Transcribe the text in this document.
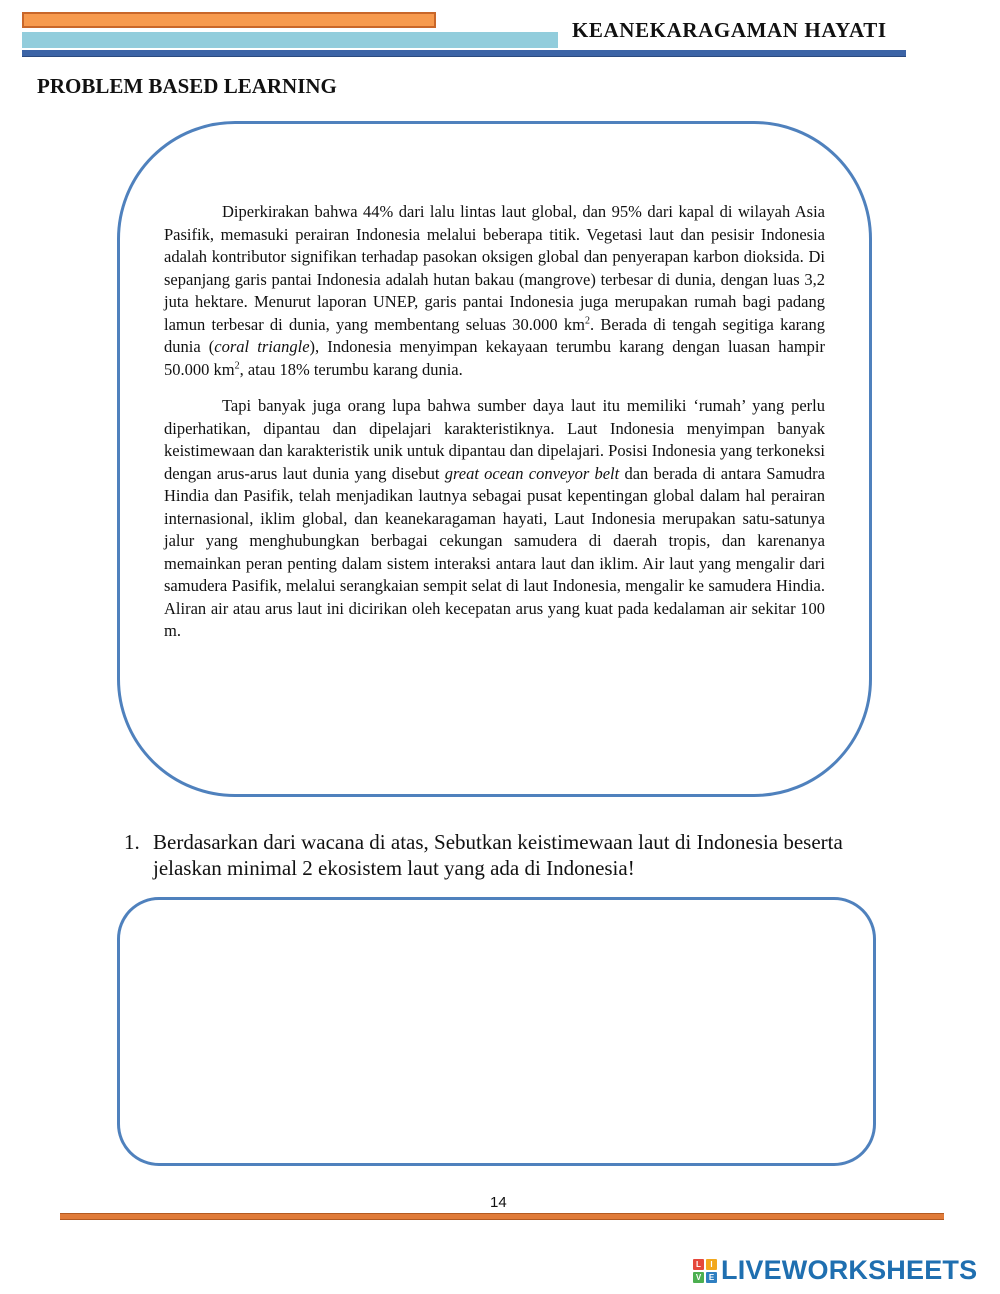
KEANEKARAGAMAN HAYATI
PROBLEM BASED LEARNING

Diperkirakan bahwa 44% dari lalu lintas laut global, dan 95% dari kapal di wilayah Asia Pasifik, memasuki perairan Indonesia melalui beberapa titik. Vegetasi laut dan pesisir Indonesia adalah kontributor signifikan terhadap pasokan oksigen global dan penyerapan karbon dioksida. Di sepanjang garis pantai Indonesia adalah hutan bakau (mangrove) terbesar di dunia, dengan luas 3,2 juta hektare. Menurut laporan UNEP, garis pantai Indonesia juga merupakan rumah bagi padang lamun terbesar di dunia, yang membentang seluas 30.000 $km^2$. Berada di tengah segitiga karang dunia (coral triangle), Indonesia menyimpan kekayaan terumbu karang dengan luasan hampir 50.000 $km^2$, atau 18% terumbu karang dunia.

Tapi banyak juga orang lupa bahwa sumber daya laut itu memiliki ‘rumah’ yang perlu diperhatikan, dipantau dan dipelajari karakteristiknya. Laut Indonesia menyimpan banyak keistimewaan dan karakteristik unik untuk dipantau dan dipelajari. Posisi Indonesia yang terkoneksi dengan arus-arus laut dunia yang disebut great ocean conveyor belt dan berada di antara Samudra Hindia dan Pasifik, telah menjadikan lautnya sebagai pusat kepentingan global dalam hal perairan internasional, iklim global, dan keanekaragaman hayati, Laut Indonesia merupakan satu-satunya jalur yang menghubungkan berbagai cekungan samudera di daerah tropis, dan karenanya memainkan peran penting dalam sistem interaksi antara laut dan iklim. Air laut yang mengalir dari samudera Pasifik, melalui serangkaian sempit selat di laut Indonesia, mengalir ke samudera Hindia. Aliran air atau arus laut ini dicirikan oleh kecepatan arus yang kuat pada kedalaman air sekitar 100 m.

1. Berdasarkan dari wacana di atas, Sebutkan keistimewaan laut di Indonesia beserta jelaskan minimal 2 ekosistem laut yang ada di Indonesia!
14
L	I
V E LIVEWORKSHEETS
